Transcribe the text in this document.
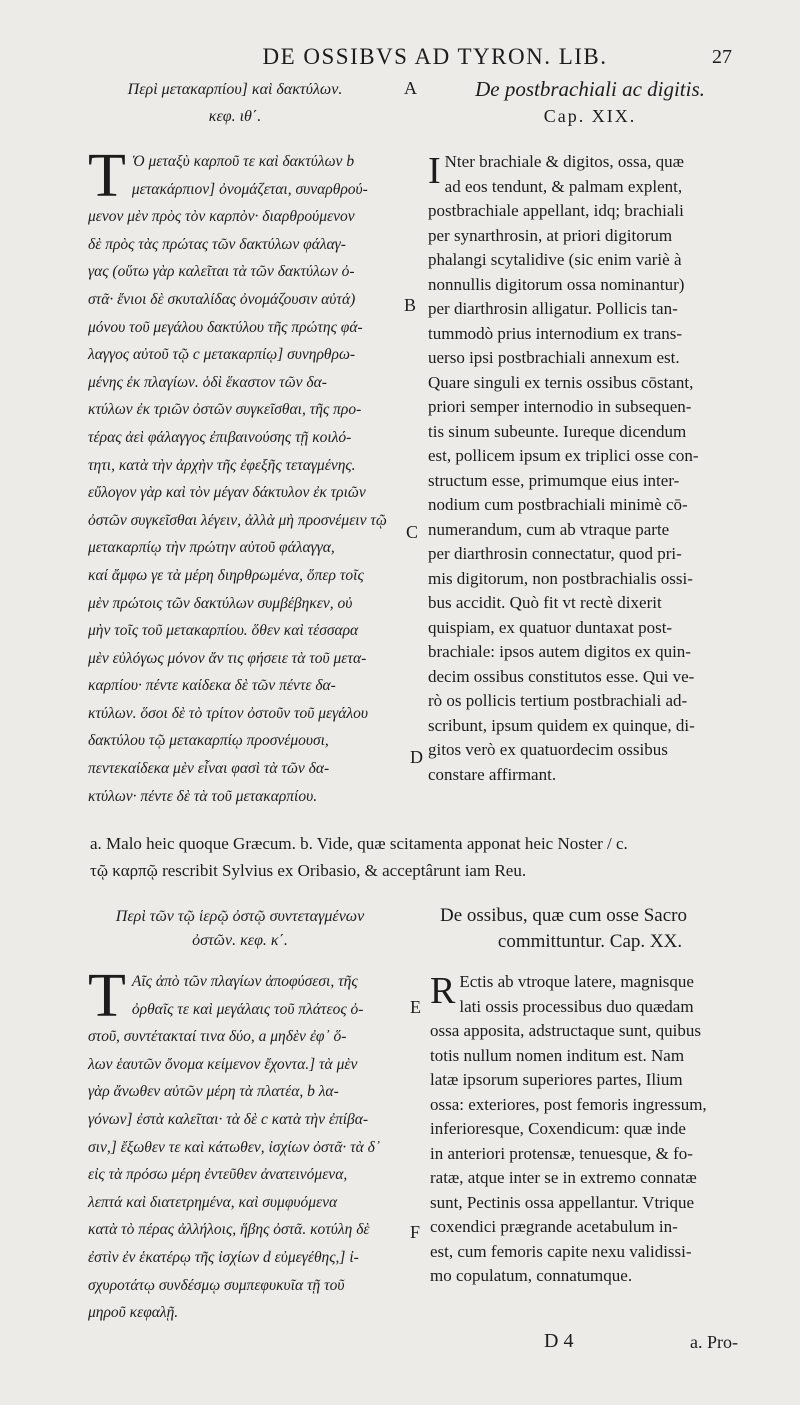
DE OSSIBVS AD TYRON. LIB.	27
Περὶ μετακαρπίου] καὶ δακτύλων.
κεφ. ιθ΄.
De postbrachiali ac digitis.
Cap. XIX.
T Ὁ μεταξὺ καρποῦ τε καὶ δακτύλων b
μετακάρπιον] ὀνομάζεται, συναρθρού-
μενον μὲν πρὸς τὸν καρπὸν· διαρθρούμενον
δὲ πρὸς τὰς πρώτας τῶν δακτύλων φάλαγ-
γας (οὕτω γὰρ καλεῖται τὰ τῶν δακτύλων ὀ-
στᾶ· ἔνιοι δὲ σκυταλίδας ὀνομάζουσιν αὐτά)
μόνου τοῦ μεγάλου δακτύλου τῆς πρώτης φά-
λαγγος αὐτοῦ τῷ c μετακαρπίῳ] συνηρθρω-
μένης ἐκ πλαγίων. ὁδὶ ἕκαστον τῶν δα-
κτύλων ἐκ τριῶν ὀστῶν συγκεῖσθαι, τῆς προ-
τέρας ἀεὶ φάλαγγος ἐπιβαινούσης τῇ κοιλό-
τητι, κατὰ τὴν ἀρχὴν τῆς ἐφεξῆς τεταγμένης.
εὔλογον γὰρ καὶ τὸν μέγαν δάκτυλον ἐκ τριῶν
ὀστῶν συγκεῖσθαι λέγειν, ἀλλὰ μὴ προσνέμειν τῷ
μετακαρπίῳ τὴν πρώτην αὐτοῦ φάλαγγα,
καί ἄμφω γε τὰ μέρη διηρθρωμένα, ὅπερ τοῖς
μὲν πρώτοις τῶν δακτύλων συμβέβηκεν, οὐ
μὴν τοῖς τοῦ μετακαρπίου. ὅθεν καὶ τέσσαρα
μὲν εὐλόγως μόνον ἄν τις φήσειε τὰ τοῦ μετα-
καρπίου· πέντε καίδεκα δὲ τῶν πέντε δα-
κτύλων. ὅσοι δὲ τὸ τρίτον ὀστοῦν τοῦ μεγάλου
δακτύλου τῷ μετακαρπίῳ προσνέμουσι,
πεντεκαίδεκα μὲν εἶναι φασὶ τὰ τῶν δα-
κτύλων· πέντε δὲ τὰ τοῦ μετακαρπίου.
I Nter brachiale & digitos, ossa, quæ
ad eos tendunt, & palmam explent,
postbrachiale appellant, idq; brachiali
per synarthrosin, at priori digitorum
phalangi scytalidive (sic enim variè à
nonnullis digitorum ossa nominantur)
per diarthrosin alligatur. Pollicis tan-
tummodò prius internodium ex trans-
uerso ipsi postbrachiali annexum est.
Quare singuli ex ternis ossibus cōstant,
priori semper internodio in subsequen-
tis sinum subeunte. Iureque dicendum
est, pollicem ipsum ex triplici osse con-
structum esse, primumque eius inter-
nodium cum postbrachiali minimè cō-
numerandum, cum ab vtraque parte
per diarthrosin connectatur, quod pri-
mis digitorum, non postbrachialis ossi-
bus accidit. Quò fit vt rectè dixerit
quispiam, ex quatuor duntaxat post-
brachiale: ipsos autem digitos ex quin-
decim ossibus constitutos esse. Qui ve-
rò os pollicis tertium postbrachiali ad-
scribunt, ipsum quidem ex quinque, di-
gitos verò ex quatuordecim ossibus
constare affirmant.
A
B
C
D
E
F
a. Malo heic quoque Græcum. b. Vide, quæ scitamenta apponat heic Noster / c.
τῷ καρπῷ rescribit Sylvius ex Oribasio, & acceptârunt iam Reu.
Περὶ τῶν τῷ ἱερῷ ὀστῷ συντεταγμένων
ὀστῶν. κεφ. κ΄.
De ossibus, quæ cum osse Sacro
committuntur. Cap. XX.
T Αῖς ἀπὸ τῶν πλαγίων ἀποφύσεσι, τῆς
ὀρθαῖς τε καὶ μεγάλαις τοῦ πλάτεος ὀ-
στοῦ, συντέτακταί τινα δύο, a μηδὲν ἐφ᾽ ὅ-
λων ἑαυτῶν ὄνομα κείμενον ἔχοντα.] τὰ μὲν
γὰρ ἄνωθεν αὐτῶν μέρη τὰ πλατέα, b λα-
γόνων] ἐστὰ καλεῖται· τὰ δὲ c κατὰ τὴν ἐπίβα-
σιν,] ἔξωθεν τε καὶ κάτωθεν, ἰσχίων ὀστᾶ· τὰ δ᾽
εἰς τὰ πρόσω μέρη ἐντεῦθεν ἀνατεινόμενα,
λεπτά καὶ διατετρημένα, καὶ συμφυόμενα
κατὰ τὸ πέρας ἀλλήλοις, ἥβης ὀστᾶ. κοτύλη δὲ
ἐστὶν ἐν ἑκατέρῳ τῆς ἰσχίων d εὐμεγέθης,] ἰ-
σχυροτάτῳ συνδέσμῳ συμπεφυκυῖα τῇ τοῦ
μηροῦ κεφαλῇ.
R Ectis ab vtroque latere, magnisque
lati ossis processibus duo quædam
ossa apposita, adstructaque sunt, quibus
totis nullum nomen inditum est. Nam
latæ ipsorum superiores partes, Ilium
ossa: exteriores, post femoris ingressum,
inferioresque, Coxendicum: quæ inde
in anteriori protensæ, tenuesque, & fo-
ratæ, atque inter se in extremo connatæ
sunt, Pectinis ossa appellantur. Vtrique
coxendici prægrande acetabulum in-
est, cum femoris capite nexu validissi-
mo copulatum, connatumque.
D 4	a. Pro-
